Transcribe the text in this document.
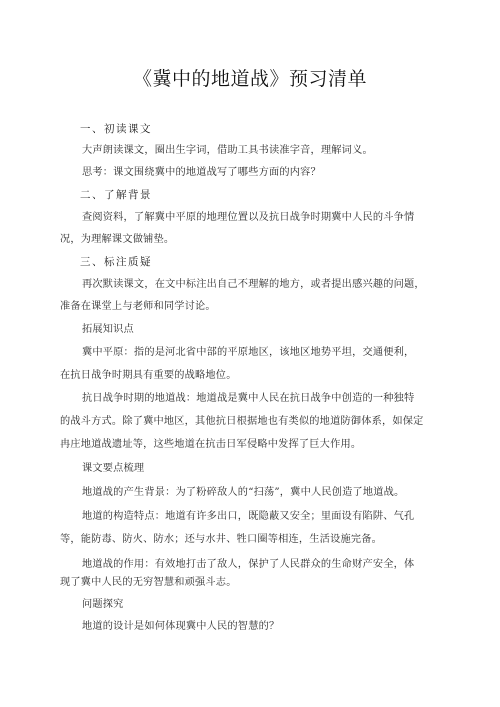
《冀中的地道战》预习清单
一、初读课文
大声朗读课文，圈出生字词，借助工具书读准字音，理解词义。
思考：课文围绕冀中的地道战写了哪些方面的内容？
二、了解背景
查阅资料，了解冀中平原的地理位置以及抗日战争时期冀中人民的斗争情
况，为理解课文做铺垫。
三、标注质疑
再次默读课文，在文中标注出自己不理解的地方，或者提出感兴趣的问题，
准备在课堂上与老师和同学讨论。
拓展知识点
冀中平原：指的是河北省中部的平原地区，该地区地势平坦，交通便利，
在抗日战争时期具有重要的战略地位。
抗日战争时期的地道战：地道战是冀中人民在抗日战争中创造的一种独特
的战斗方式。除了冀中地区，其他抗日根据地也有类似的地道防御体系，如保定
冉庄地道战遗址等，这些地道在抗击日军侵略中发挥了巨大作用。
课文要点梳理
地道战的产生背景：为了粉碎敌人的“扫荡”，冀中人民创造了地道战。
地道的构造特点：地道有许多出口，既隐蔽又安全；里面设有陷阱、气孔
等，能防毒、防火、防水；还与水井、牲口圈等相连，生活设施完备。
地道战的作用：有效地打击了敌人，保护了人民群众的生命财产安全，体
现了冀中人民的无穷智慧和顽强斗志。
问题探究
地道的设计是如何体现冀中人民的智慧的？
